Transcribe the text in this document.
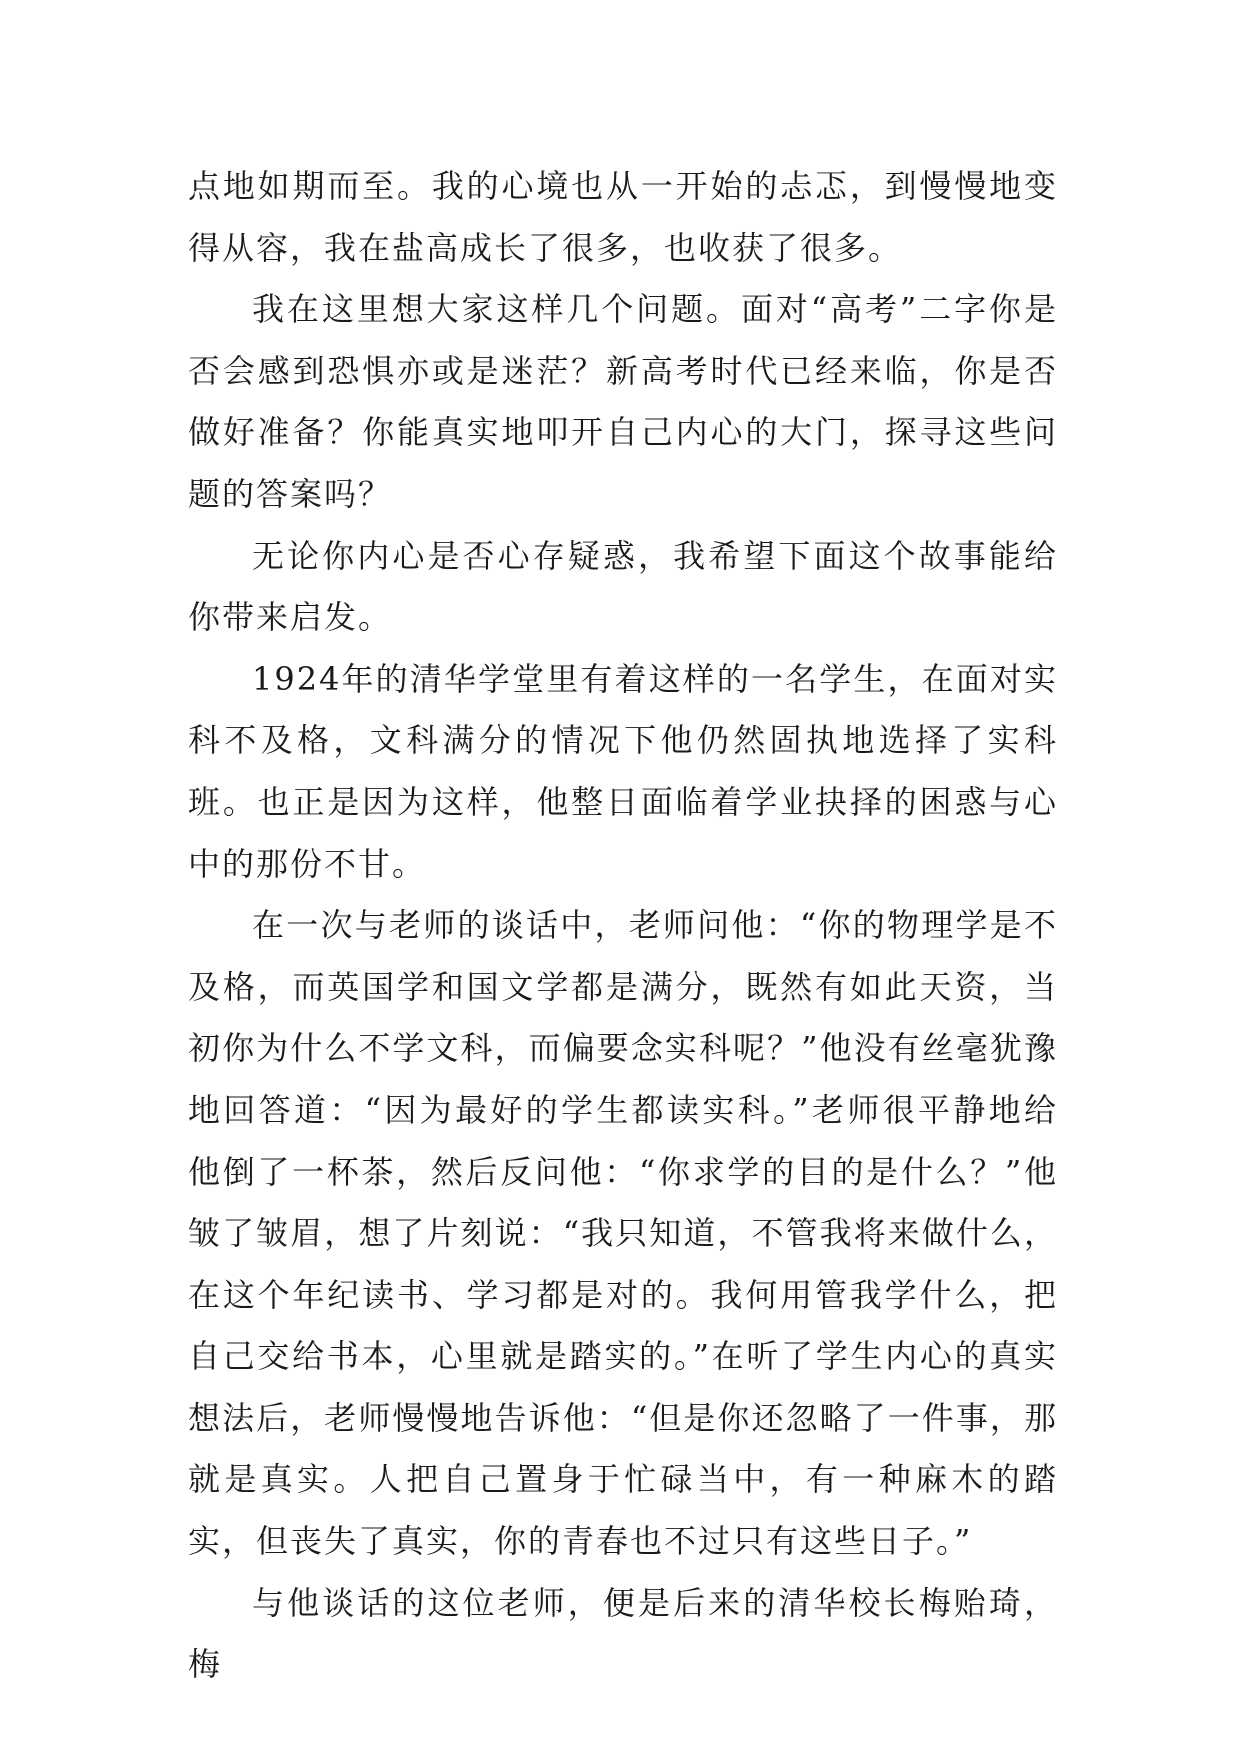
点地如期而至。我的心境也从一开始的忐忑，到慢慢地变得从容，我在盐高成长了很多，也收获了很多。

我在这里想大家这样几个问题。面对“高考”二字你是否会感到恐惧亦或是迷茫？新高考时代已经来临，你是否做好准备？你能真实地叩开自己内心的大门，探寻这些问题的答案吗？

无论你内心是否心存疑惑，我希望下面这个故事能给你带来启发。

1924年的清华学堂里有着这样的一名学生，在面对实科不及格，文科满分的情况下他仍然固执地选择了实科班。也正是因为这样，他整日面临着学业抉择的困惑与心中的那份不甘。

在一次与老师的谈话中，老师问他：“你的物理学是不及格，而英国学和国文学都是满分，既然有如此天资，当初你为什么不学文科，而偏要念实科呢？”他没有丝毫犹豫地回答道：“因为最好的学生都读实科。”老师很平静地给他倒了一杯茶，然后反问他：“你求学的目的是什么？”他皱了皱眉，想了片刻说：“我只知道，不管我将来做什么，在这个年纪读书、学习都是对的。我何用管我学什么，把自己交给书本，心里就是踏实的。”在听了学生内心的真实想法后，老师慢慢地告诉他：“但是你还忽略了一件事，那就是真实。人把自己置身于忙碌当中，有一种麻木的踏实，但丧失了真实，你的青春也不过只有这些日子。”

与他谈话的这位老师，便是后来的清华校长梅贻琦，梅
